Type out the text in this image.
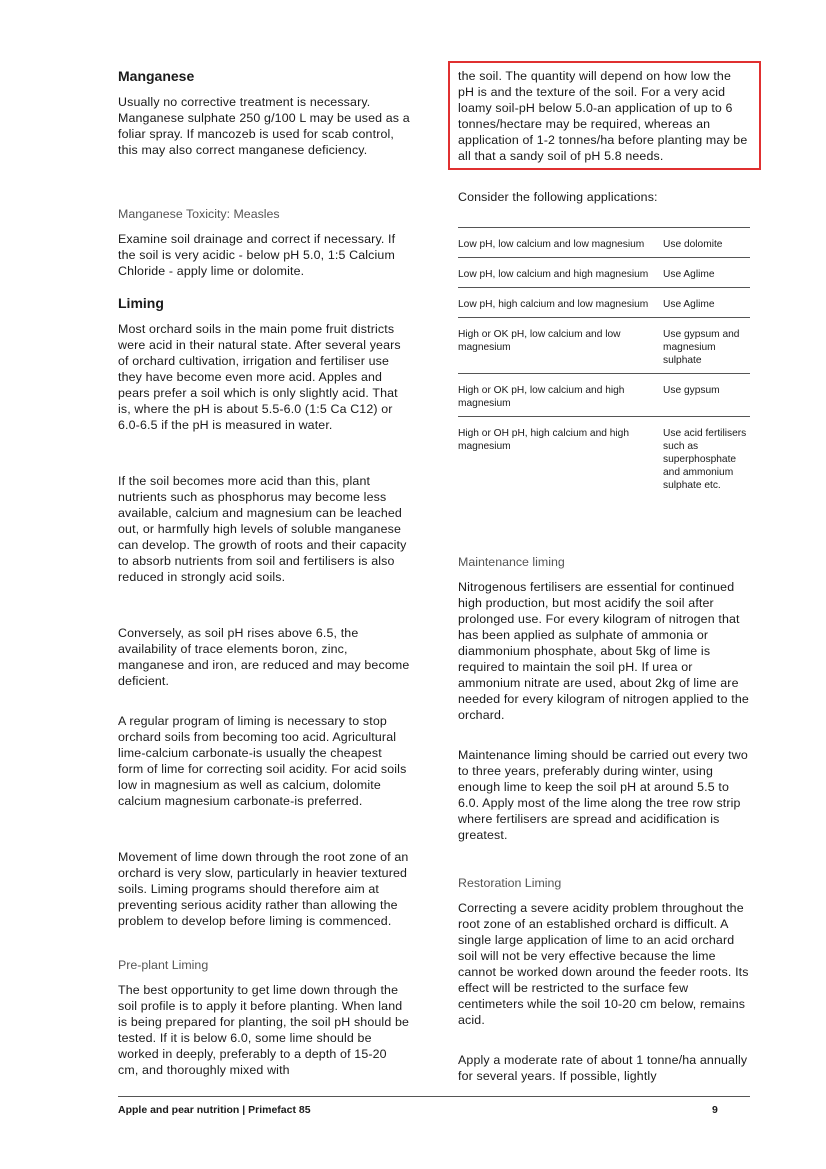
Manganese

Usually no corrective treatment is necessary. Manganese sulphate 250 g/100 L may be used as a foliar spray. If mancozeb is used for scab control, this may also correct manganese deficiency.

Manganese Toxicity: Measles

Examine soil drainage and correct if necessary. If the soil is very acidic - below pH 5.0, 1:5 Calcium Chloride - apply lime or dolomite.

Liming

Most orchard soils in the main pome fruit districts were acid in their natural state. After several years of orchard cultivation, irrigation and fertiliser use they have become even more acid. Apples and pears prefer a soil which is only slightly acid. That is, where the pH is about 5.5-6.0 (1:5 Ca C12) or 6.0-6.5 if the pH is measured in water.

If the soil becomes more acid than this, plant nutrients such as phosphorus may become less available, calcium and magnesium can be leached out, or harmfully high levels of soluble manganese can develop. The growth of roots and their capacity to absorb nutrients from soil and fertilisers is also reduced in strongly acid soils.

Conversely, as soil pH rises above 6.5, the availability of trace elements boron, zinc, manganese and iron, are reduced and may become deficient.

A regular program of liming is necessary to stop orchard soils from becoming too acid. Agricultural lime-calcium carbonate-is usually the cheapest form of lime for correcting soil acidity. For acid soils low in magnesium as well as calcium, dolomite calcium magnesium carbonate-is preferred.

Movement of lime down through the root zone of an orchard is very slow, particularly in heavier textured soils. Liming programs should therefore aim at preventing serious acidity rather than allowing the problem to develop before liming is commenced.

Pre-plant Liming

The best opportunity to get lime down through the soil profile is to apply it before planting. When land is being prepared for planting, the soil pH should be tested. If it is below 6.0, some lime should be worked in deeply, preferably to a depth of 15-20 cm, and thoroughly mixed with

the soil. The quantity will depend on how low the pH is and the texture of the soil. For a very acid loamy soil-pH below 5.0-an application of up to 6 tonnes/hectare may be required, whereas an application of 1-2 tonnes/ha before planting may be all that a sandy soil of pH 5.8 needs.

Consider the following applications:

Low pH, low calcium and low magnesium	Use dolomite
Low pH, low calcium and high magnesium	Use Aglime
Low pH, high calcium and low magnesium	Use Aglime
High or OK pH, low calcium and low magnesium	Use gypsum and magnesium sulphate
High or OK pH, low calcium and high magnesium	Use gypsum
High or OH pH, high calcium and high magnesium	Use acid fertilisers such as superphosphate and ammonium sulphate etc.
Maintenance liming

Nitrogenous fertilisers are essential for continued high production, but most acidify the soil after prolonged use. For every kilogram of nitrogen that has been applied as sulphate of ammonia or diammonium phosphate, about 5kg of lime is required to maintain the soil pH. If urea or ammonium nitrate are used, about 2kg of lime are needed for every kilogram of nitrogen applied to the orchard.

Maintenance liming should be carried out every two to three years, preferably during winter, using enough lime to keep the soil pH at around 5.5 to 6.0. Apply most of the lime along the tree row strip where fertilisers are spread and acidification is greatest.

Restoration Liming

Correcting a severe acidity problem throughout the root zone of an established orchard is difficult. A single large application of lime to an acid orchard soil will not be very effective because the lime cannot be worked down around the feeder roots. Its effect will be restricted to the surface few centimeters while the soil 10-20 cm below, remains acid.

Apply a moderate rate of about 1 tonne/ha annually for several years. If possible, lightly

Apple and pear nutrition | Primefact 85	9
